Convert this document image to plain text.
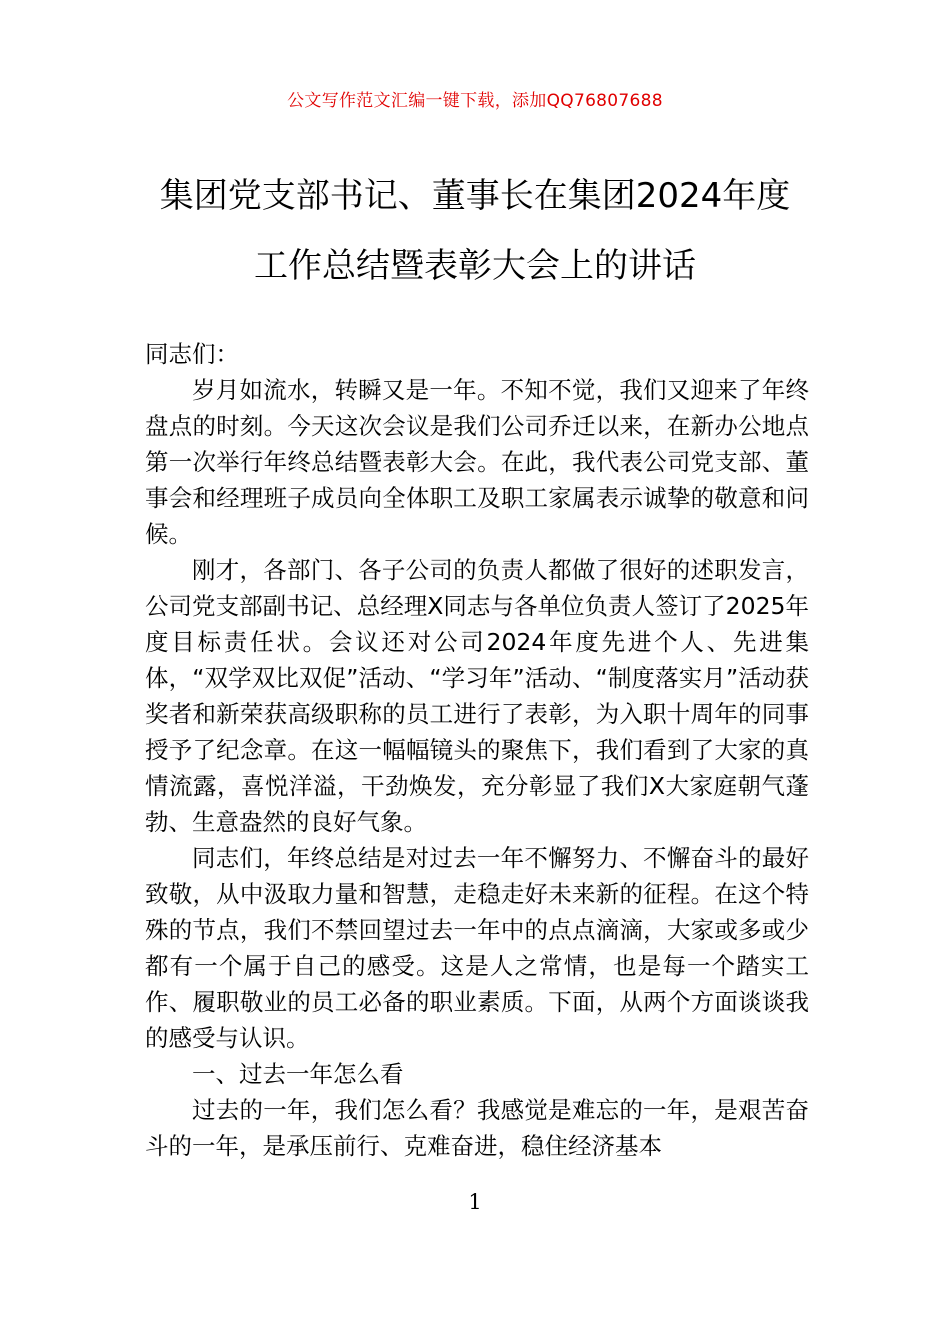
公文写作范文汇编一键下载，添加QQ76807688
集团党支部书记、董事长在集团2024年度
工作总结暨表彰大会上的讲话

同志们：

岁月如流水，转瞬又是一年。不知不觉，我们又迎来了年终盘点的时刻。今天这次会议是我们公司乔迁以来，在新办公地点第一次举行年终总结暨表彰大会。在此，我代表公司党支部、董事会和经理班子成员向全体职工及职工家属表示诚挚的敬意和问候。

刚才，各部门、各子公司的负责人都做了很好的述职发言，公司党支部副书记、总经理X同志与各单位负责人签订了2025年度目标责任状。会议还对公司2024年度先进个人、先进集体，“双学双比双促”活动、“学习年”活动、“制度落实月”活动获奖者和新荣获高级职称的员工进行了表彰，为入职十周年的同事授予了纪念章。在这一幅幅镜头的聚焦下，我们看到了大家的真情流露，喜悦洋溢，干劲焕发，充分彰显了我们X大家庭朝气蓬勃、生意盎然的良好气象。

同志们，年终总结是对过去一年不懈努力、不懈奋斗的最好致敬，从中汲取力量和智慧，走稳走好未来新的征程。在这个特殊的节点，我们不禁回望过去一年中的点点滴滴，大家或多或少都有一个属于自己的感受。这是人之常情，也是每一个踏实工作、履职敬业的员工必备的职业素质。下面，从两个方面谈谈我的感受与认识。

一、过去一年怎么看

过去的一年，我们怎么看？我感觉是难忘的一年，是艰苦奋斗的一年，是承压前行、克难奋进，稳住经济基本

1
